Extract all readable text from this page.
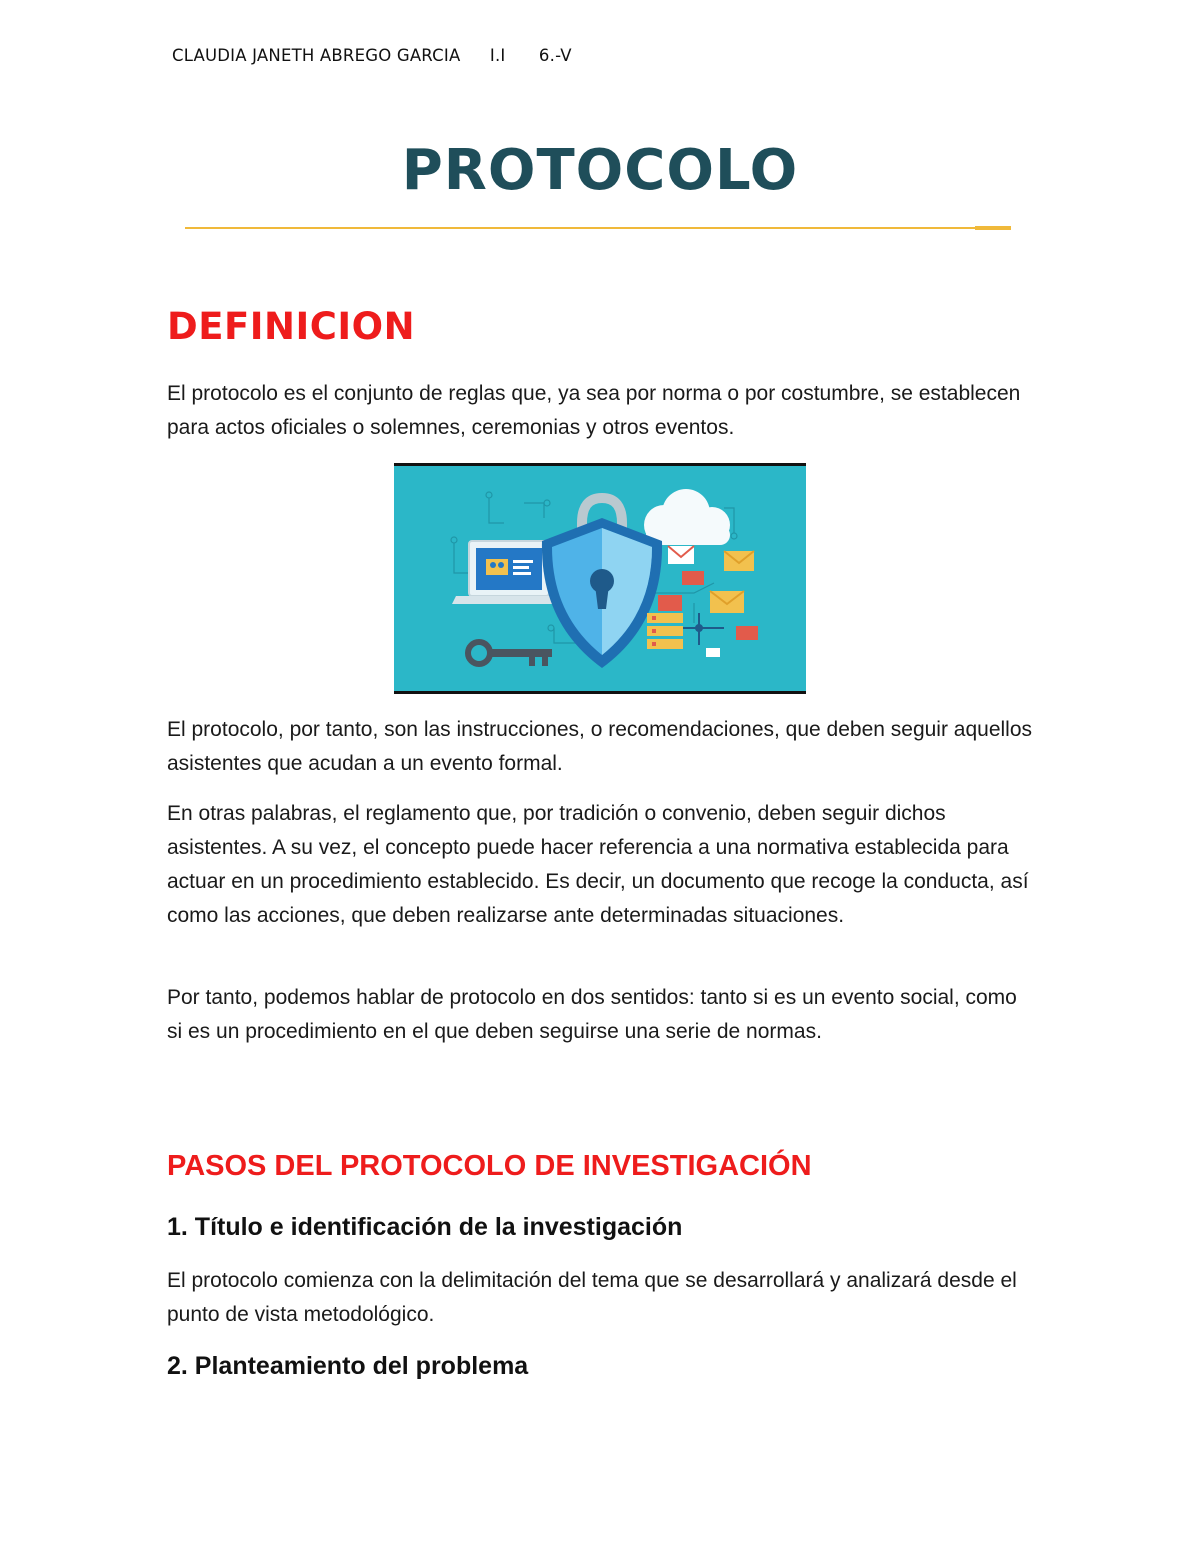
CLAUDIA JANETH ABREGO GARCIA I.I 6.-V
PROTOCOLO
DEFINICION

El protocolo es el conjunto de reglas que, ya sea por norma o por costumbre, se establecen para actos oficiales o solemnes, ceremonias y otros eventos.

El protocolo, por tanto, son las instrucciones, o recomendaciones, que deben seguir aquellos asistentes que acudan a un evento formal.

En otras palabras, el reglamento que, por tradición o convenio, deben seguir dichos asistentes. A su vez, el concepto puede hacer referencia a una normativa establecida para actuar en un procedimiento establecido. Es decir, un documento que recoge la conducta, así como las acciones, que deben realizarse ante determinadas situaciones.

Por tanto, podemos hablar de protocolo en dos sentidos: tanto si es un evento social, como si es un procedimiento en el que deben seguirse una serie de normas.

PASOS DEL PROTOCOLO DE INVESTIGACIÓN
1. Título e identificación de la investigación

El protocolo comienza con la delimitación del tema que se desarrollará y analizará desde el punto de vista metodológico.

2. Planteamiento del problema
